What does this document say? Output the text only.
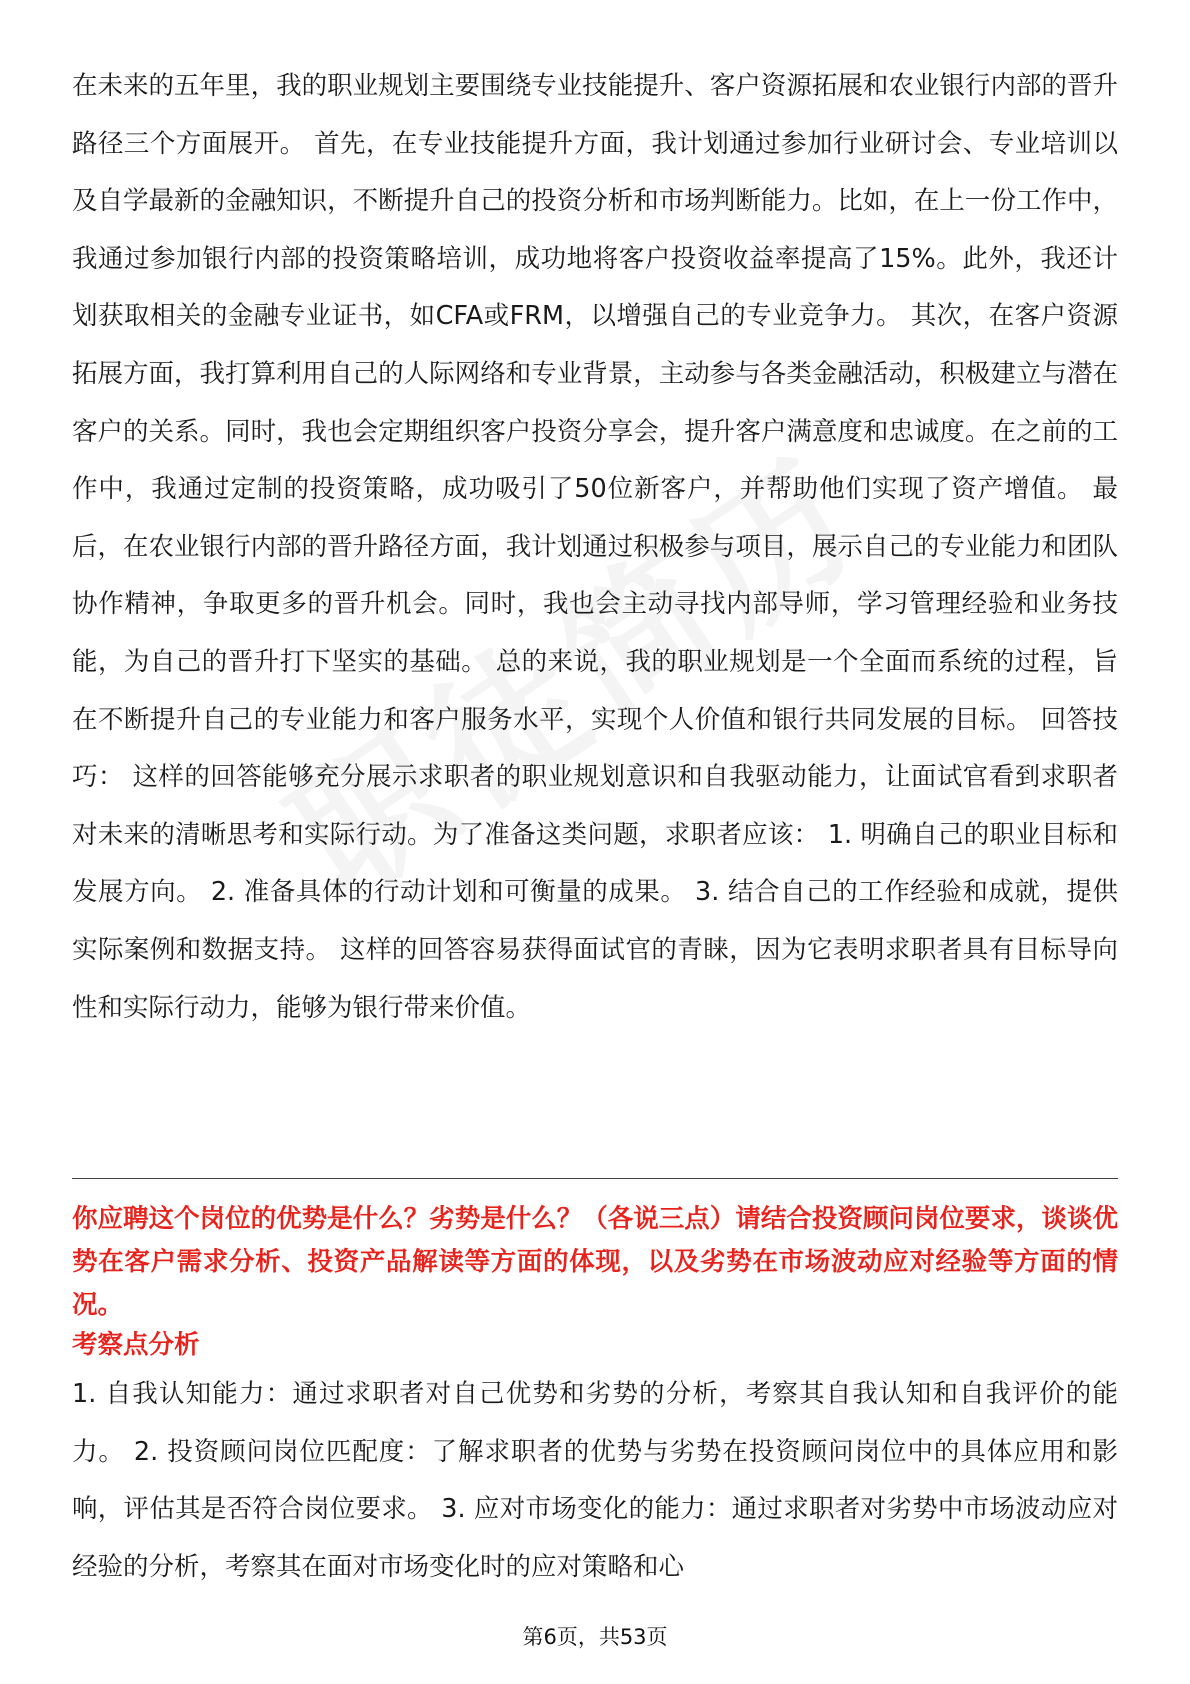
在未来的五年里，我的职业规划主要围绕专业技能提升、客户资源拓展和农业银行内部的晋升路径三个方面展开。 首先，在专业技能提升方面，我计划通过参加行业研讨会、专业培训以及自学最新的金融知识，不断提升自己的投资分析和市场判断能力。比如，在上一份工作中，我通过参加银行内部的投资策略培训，成功地将客户投资收益率提高了15%。此外，我还计划获取相关的金融专业证书，如CFA或FRM，以增强自己的专业竞争力。 其次，在客户资源拓展方面，我打算利用自己的人际网络和专业背景，主动参与各类金融活动，积极建立与潜在客户的关系。同时，我也会定期组织客户投资分享会，提升客户满意度和忠诚度。在之前的工作中，我通过定制的投资策略，成功吸引了50位新客户，并帮助他们实现了资产增值。 最后，在农业银行内部的晋升路径方面，我计划通过积极参与项目，展示自己的专业能力和团队协作精神，争取更多的晋升机会。同时，我也会主动寻找内部导师，学习管理经验和业务技能，为自己的晋升打下坚实的基础。 总的来说，我的职业规划是一个全面而系统的过程，旨在不断提升自己的专业能力和客户服务水平，实现个人价值和银行共同发展的目标。 回答技巧： 这样的回答能够充分展示求职者的职业规划意识和自我驱动能力，让面试官看到求职者对未来的清晰思考和实际行动。为了准备这类问题，求职者应该： 1. 明确自己的职业目标和发展方向。 2. 准备具体的行动计划和可衡量的成果。 3. 结合自己的工作经验和成就，提供实际案例和数据支持。 这样的回答容易获得面试官的青睐，因为它表明求职者具有目标导向性和实际行动力，能够为银行带来价值。

你应聘这个岗位的优势是什么？劣势是什么？（各说三点）请结合投资顾问岗位要求，谈谈优势在客户需求分析、投资产品解读等方面的体现，以及劣势在市场波动应对经验等方面的情况。

考察点分析

1. 自我认知能力：通过求职者对自己优势和劣势的分析，考察其自我认知和自我评价的能力。 2. 投资顾问岗位匹配度：了解求职者的优势与劣势在投资顾问岗位中的具体应用和影响，评估其是否符合岗位要求。 3. 应对市场变化的能力：通过求职者对劣势中市场波动应对经验的分析，考察其在面对市场变化时的应对策略和心

第6页，共53页
